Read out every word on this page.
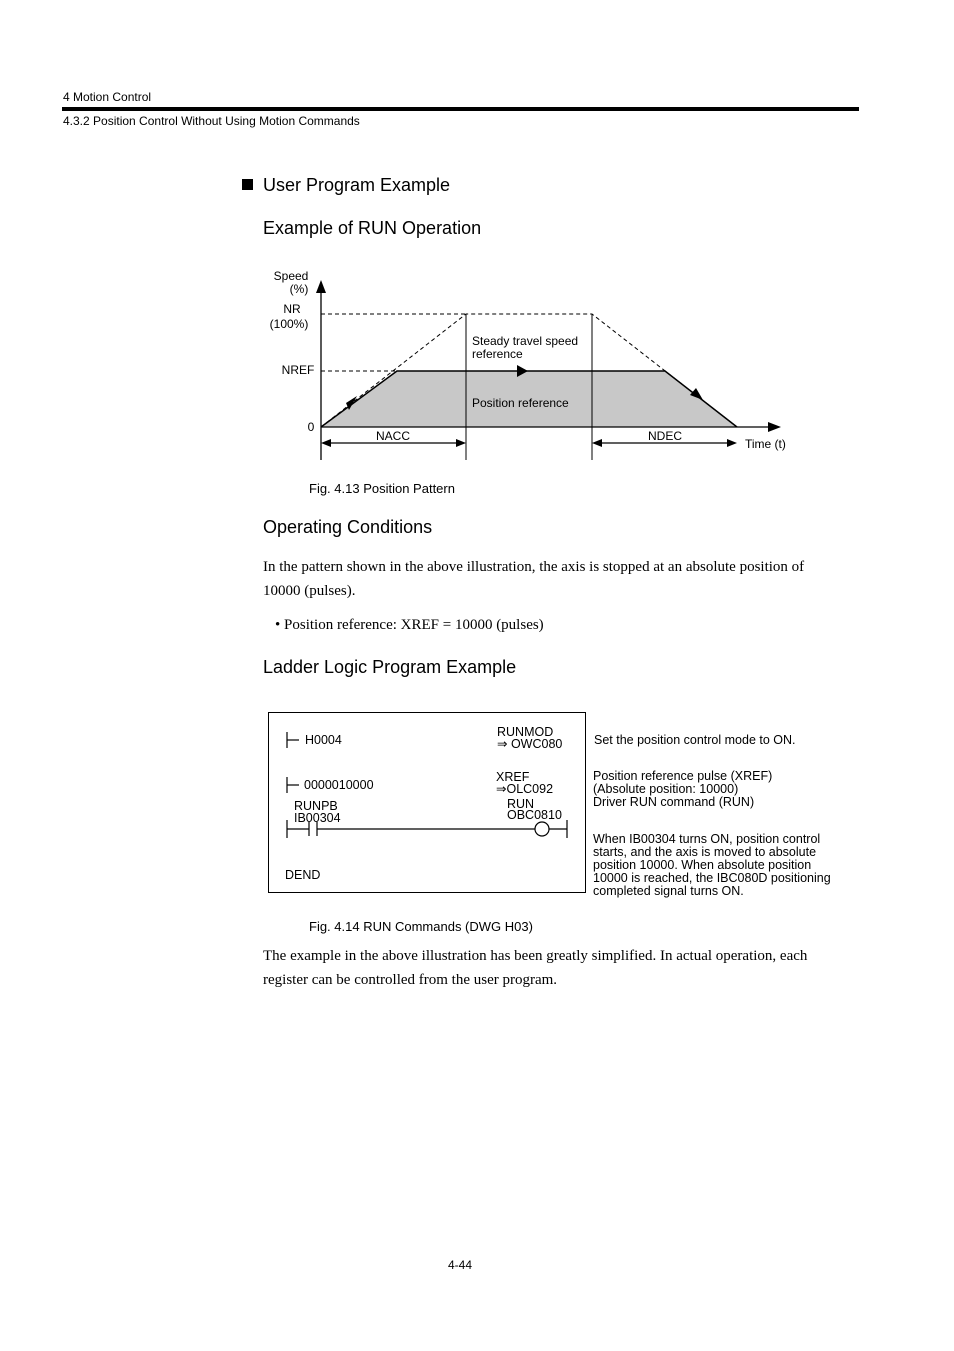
4 Motion Control
4.3.2 Position Control Without Using Motion Commands
User Program Example
Example of RUN Operation
Speed
(%)
NR
(100%)
NREF
0
Steady travel speed
reference
Position reference
NACC	NDEC
Time (t)
Fig. 4.13 Position Pattern
Operating Conditions
In the pattern shown in the above illustration, the axis is stopped at an absolute position of
10000 (pulses).
• Position reference: XREF = 10000 (pulses)
Ladder Logic Program Example
H0004
RUNMOD
⇒ OWC080
0000010000
XREF
⇒OLC092
RUNPB
IB00304
RUN
OBC0810
DEND
Set the position control mode to ON.
Position reference pulse (XREF)
(Absolute position: 10000)
Driver RUN command (RUN)
When IB00304 turns ON, position control
starts, and the axis is moved to absolute
position 10000. When absolute position
10000 is reached, the IBC080D positioning
completed signal turns ON.
Fig. 4.14 RUN Commands (DWG H03)
The example in the above illustration has been greatly simplified. In actual operation, each
register can be controlled from the user program.
4-44
